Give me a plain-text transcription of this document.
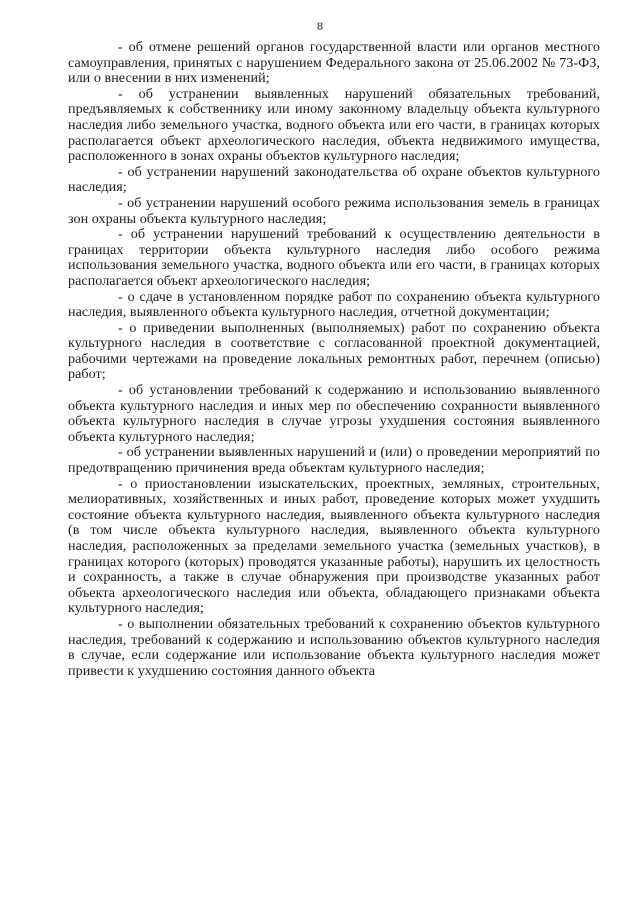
8

- об отмене решений органов государственной власти или органов местного самоуправления, принятых с нарушением Федерального закона от 25.06.2002 № 73-ФЗ, или о внесении в них изменений;

- об устранении выявленных нарушений обязательных требований, предъявляемых к собственнику или иному законному владельцу объекта культурного наследия либо земельного участка, водного объекта или его части, в границах которых располагается объект археологического наследия, объекта недвижимого имущества, расположенного в зонах охраны объектов культурного наследия;

- об устранении нарушений законодательства об охране объектов культурного наследия;

- об устранении нарушений особого режима использования земель в границах зон охраны объекта культурного наследия;

- об устранении нарушений требований к осуществлению деятельности в границах территории объекта культурного наследия либо особого режима использования земельного участка, водного объекта или его части, в границах которых располагается объект археологического наследия;

- о сдаче в установленном порядке работ по сохранению объекта культурного наследия, выявленного объекта культурного наследия, отчетной документации;

- о приведении выполненных (выполняемых) работ по сохранению объекта культурного наследия в соответствие с согласованной проектной документацией, рабочими чертежами на проведение локальных ремонтных работ, перечнем (описью) работ;

- об установлении требований к содержанию и использованию выявленного объекта культурного наследия и иных мер по обеспечению сохранности выявленного объекта культурного наследия в случае угрозы ухудшения состояния выявленного объекта культурного наследия;

- об устранении выявленных нарушений и (или) о проведении мероприятий по предотвращению причинения вреда объектам культурного наследия;

- о приостановлении изыскательских, проектных, земляных, строительных, мелиоративных, хозяйственных и иных работ, проведение которых может ухудшить состояние объекта культурного наследия, выявленного объекта культурного наследия (в том числе объекта культурного наследия, выявленного объекта культурного наследия, расположенных за пределами земельного участка (земельных участков), в границах которого (которых) проводятся указанные работы), нарушить их целостность и сохранность, а также в случае обнаружения при производстве указанных работ объекта археологического наследия или объекта, обладающего признаками объекта культурного наследия;

- о выполнении обязательных требований к сохранению объектов культурного наследия, требований к содержанию и использованию объектов культурного наследия в случае, если содержание или использование объекта культурного наследия может привести к ухудшению состояния данного объекта
